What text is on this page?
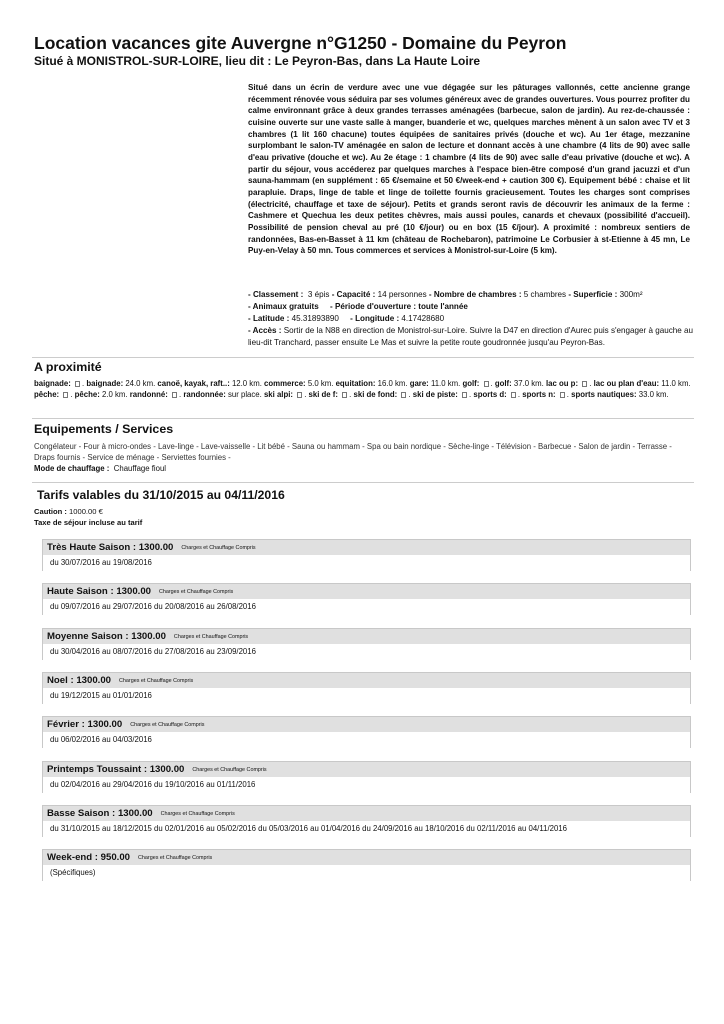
Location vacances gite Auvergne n°G1250 - Domaine du Peyron
Situé à MONISTROL-SUR-LOIRE, lieu dit : Le Peyron-Bas, dans La Haute Loire

Situé dans un écrin de verdure avec une vue dégagée sur les pâturages vallonnés, cette ancienne grange récemment rénovée vous séduira par ses volumes généreux avec de grandes ouvertures. Vous pourrez profiter du calme environnant grâce à deux grandes terrasses aménagées (barbecue, salon de jardin). Au rez-de-chaussée : cuisine ouverte sur une vaste salle à manger, buanderie et wc, quelques marches mènent à un salon avec TV et 3 chambres (1 lit 160 chacune) toutes équipées de sanitaires privés (douche et wc). Au 1er étage, mezzanine surplombant le salon-TV aménagée en salon de lecture et donnant accès à une chambre (4 lits de 90) avec salle d'eau privative (douche et wc). Au 2e étage : 1 chambre (4 lits de 90) avec salle d'eau privative (douche et wc). A partir du séjour, vous accéderez par quelques marches à l'espace bien-être composé d'un grand jacuzzi et d'un sauna-hammam (en supplément : 65 €/semaine et 50 €/week-end + caution 300 €). Equipement bébé : chaise et lit parapluie. Draps, linge de table et linge de toilette fournis gracieusement. Toutes les charges sont comprises (électricité, chauffage et taxe de séjour). Petits et grands seront ravis de découvrir les animaux de la ferme : Cashmere et Quechua les deux petites chèvres, mais aussi poules, canards et chevaux (possibilité d'accueil). Possibilité de pension cheval au pré (10 €/jour) ou en box (15 €/jour). A proximité : nombreux sentiers de randonnées, Bas-en-Basset à 11 km (château de Rochebaron), patrimoine Le Corbusier à st-Etienne à 45 mn, Le Puy-en-Velay à 50 mn. Tous commerces et services à Monistrol-sur-Loire (5 km).

- Classement : 3 épis - Capacité : 14 personnes - Nombre de chambres : 5 chambres - Superficie : 300m²
- Animaux gratuits - Période d'ouverture : toute l'année
- Latitude : 45.31893890 - Longitude : 4.17428680
- Accès : Sortir de la N88 en direction de Monistrol-sur-Loire. Suivre la D47 en direction d'Aurec puis s'engager à gauche au lieu-dit Tranchard, passer ensuite Le Mas et suivre la petite route goudronnée jusqu'au Peyron-Bas.
A proximité
baignade: . baignade: 24.0 km. canoë, kayak, raft..: 12.0 km. commerce: 5.0 km. equitation: 16.0 km. gare: 11.0 km. golf: . golf: 37.0 km. lac ou p: . lac ou plan d'eau: 11.0 km. pêche: . pêche: 2.0 km. randonné: . randonnée: sur place. ski alpi: . ski de f: . ski de fond: . ski de piste: . sports d: . sports n: . sports nautiques: 33.0 km.
Equipements / Services
Congélateur - Four à micro-ondes - Lave-linge - Lave-vaisselle - Lit bébé - Sauna ou hammam - Spa ou bain nordique - Sèche-linge - Télévision - Barbecue - Salon de jardin - Terrasse - Draps fournis - Service de ménage - Serviettes fournies -
Mode de chauffage : Chauffage fioul
Tarifs valables du 31/10/2015 au 04/11/2016
Caution : 1000.00 €
Taxe de séjour incluse au tarif
Très Haute Saison : 1300.00 Charges et Chauffage Compris
du 30/07/2016 au 19/08/2016
Haute Saison : 1300.00 Charges et Chauffage Compris
du 09/07/2016 au 29/07/2016 du 20/08/2016 au 26/08/2016
Moyenne Saison : 1300.00 Charges et Chauffage Compris
du 30/04/2016 au 08/07/2016 du 27/08/2016 au 23/09/2016
Noel : 1300.00 Charges et Chauffage Compris
du 19/12/2015 au 01/01/2016
Février : 1300.00 Charges et Chauffage Compris
du 06/02/2016 au 04/03/2016
Printemps Toussaint : 1300.00 Charges et Chauffage Compris
du 02/04/2016 au 29/04/2016 du 19/10/2016 au 01/11/2016
Basse Saison : 1300.00 Charges et Chauffage Compris
du 31/10/2015 au 18/12/2015 du 02/01/2016 au 05/02/2016 du 05/03/2016 au 01/04/2016 du 24/09/2016 au 18/10/2016 du 02/11/2016 au 04/11/2016
Week-end : 950.00 Charges et Chauffage Compris
(Spécifiques)
